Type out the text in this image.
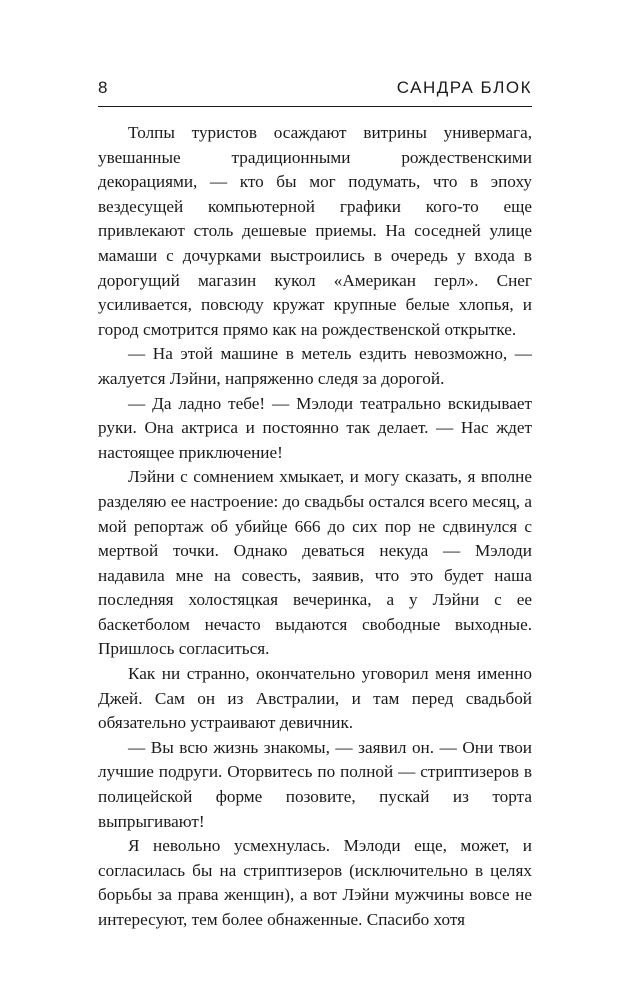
8	САНДРА БЛОК

Толпы туристов осаждают витрины универмага, увешанные традиционными рождественскими декорациями, — кто бы мог подумать, что в эпоху вездесущей компьютерной графики кого-то еще привлекают столь дешевые приемы. На соседней улице мамаши с дочурками выстроились в очередь у входа в дорогущий магазин кукол «Американ герл». Снег усиливается, повсюду кружат крупные белые хлопья, и город смотрится прямо как на рождественской открытке.

— На этой машине в метель ездить невозможно, — жалуется Лэйни, напряженно следя за дорогой.

— Да ладно тебе! — Мэлоди театрально вскидывает руки. Она актриса и постоянно так делает. — Нас ждет настоящее приключение!

Лэйни с сомнением хмыкает, и могу сказать, я вполне разделяю ее настроение: до свадьбы остался всего месяц, а мой репортаж об убийце 666 до сих пор не сдвинулся с мертвой точки. Однако деваться некуда — Мэлоди надавила мне на совесть, заявив, что это будет наша последняя холостяцкая вечеринка, а у Лэйни с ее баскетболом нечасто выдаются свободные выходные. Пришлось согласиться.

Как ни странно, окончательно уговорил меня именно Джей. Сам он из Австралии, и там перед свадьбой обязательно устраивают девичник.

— Вы всю жизнь знакомы, — заявил он. — Они твои лучшие подруги. Оторвитесь по полной — стриптизеров в полицейской форме позовите, пускай из торта выпрыгивают!

Я невольно усмехнулась. Мэлоди еще, может, и согласилась бы на стриптизеров (исключительно в целях борьбы за права женщин), а вот Лэйни мужчины вовсе не интересуют, тем более обнаженные. Спасибо хотя
